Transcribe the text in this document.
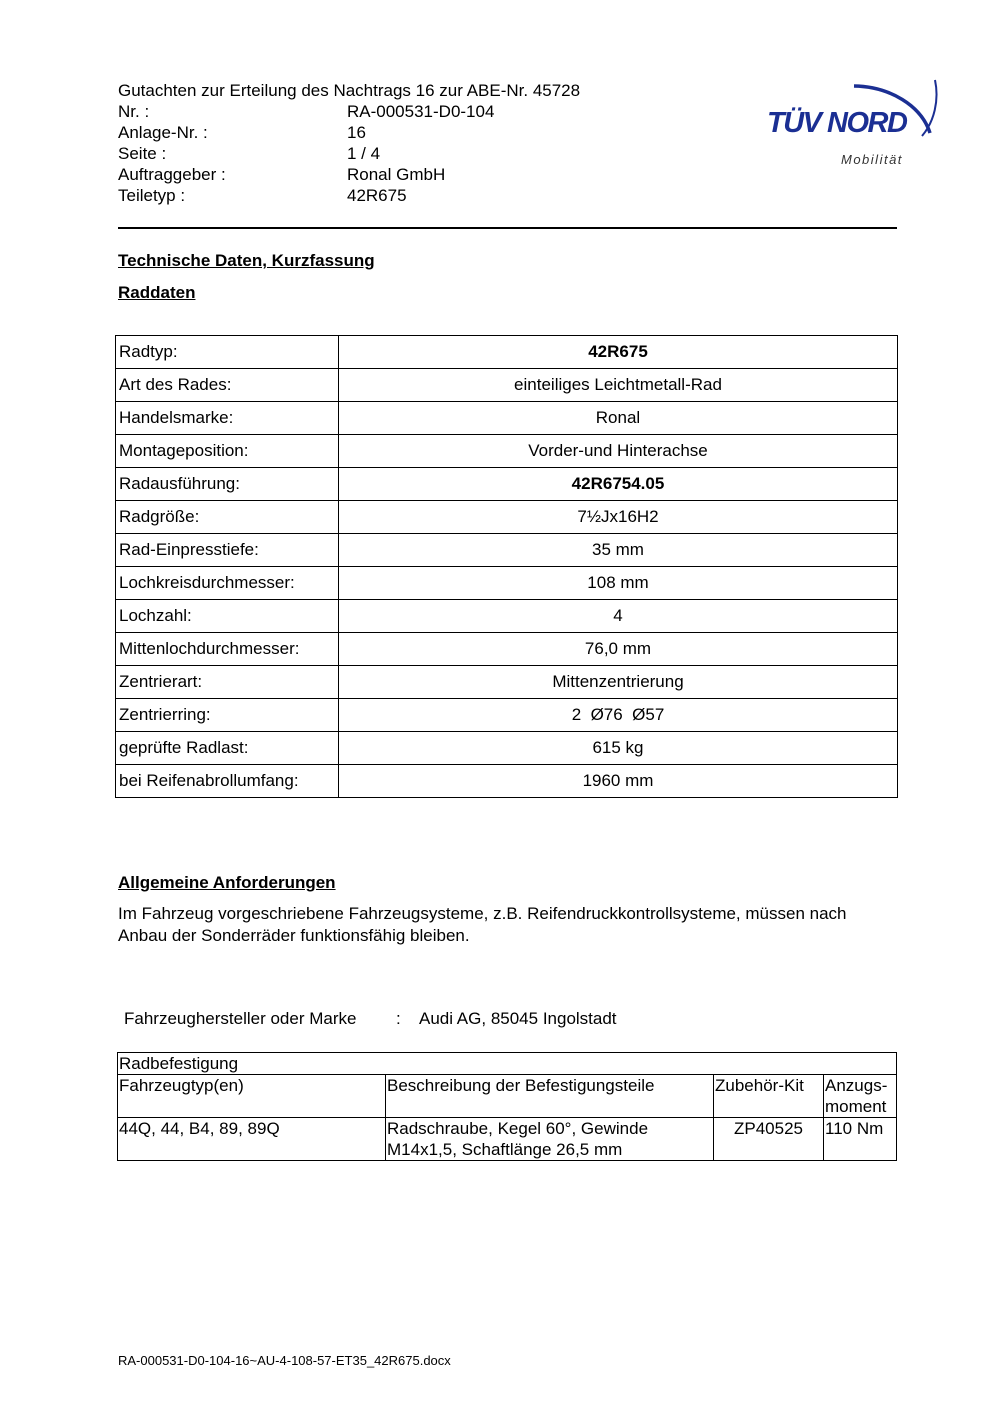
Gutachten zur Erteilung des Nachtrags 16 zur ABE-Nr. 45728
Nr. :	RA-000531-D0-104
Anlage-Nr. :	16
Seite :	1 / 4
Auftraggeber :	Ronal GmbH
Teiletyp :	42R675
TÜV NORD
Mobilität
Technische Daten, Kurzfassung
Raddaten
Radtyp:	42R675
Art des Rades:	einteiliges Leichtmetall-Rad
Handelsmarke:	Ronal
Montageposition:	Vorder-und Hinterachse
Radausführung:	42R6754.05
Radgröße:	7½Jx16H2
Rad-Einpresstiefe:	35 mm
Lochkreisdurchmesser:	108 mm
Lochzahl:	4
Mittenlochdurchmesser:	76,0 mm
Zentrierart:	Mittenzentrierung
Zentrierring:	2  Ø76  Ø57
geprüfte Radlast:	615 kg
bei Reifenabrollumfang:	1960 mm
Allgemeine Anforderungen
Im Fahrzeug vorgeschriebene Fahrzeugsysteme, z.B. Reifendruckkontrollsysteme, müssen nach Anbau der Sonderräder funktionsfähig bleiben.
Fahrzeughersteller oder Marke	:	Audi AG, 85045 Ingolstadt
Radbefestigung			
Fahrzeugtyp(en)	Beschreibung der Befestigungsteile	Zubehör-Kit	Anzugs-moment
44Q, 44, B4, 89, 89Q	Radschraube, Kegel 60°, Gewinde M14x1,5, Schaftlänge 26,5 mm	ZP40525	110 Nm
RA-000531-D0-104-16~AU-4-108-57-ET35_42R675.docx
